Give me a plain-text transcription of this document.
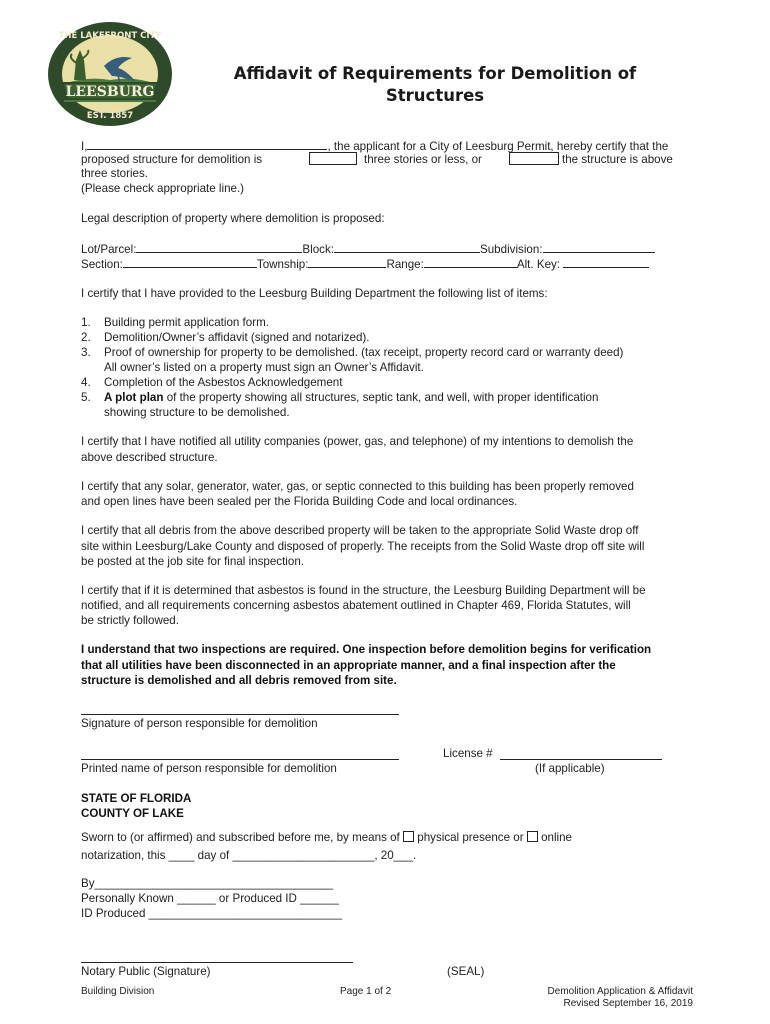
THE LAKEFRONT CITY
LEESBURG
EST. 1857
Affidavit of Requirements for Demolition of
Structures
I,	, the applicant for a City of Leesburg Permit, hereby certify that the
proposed structure for demolition is	three stories or less, or	the structure is above
three stories.
(Please check appropriate line.)
Legal description of property where demolition is proposed:
Lot/Parcel:	Block:	Subdivision:
Section:	Township:	Range:	Alt. Key:
I certify that I have provided to the Leesburg Building Department the following list of items:
1. Building permit application form.
2. Demolition/Owner’s affidavit (signed and notarized).
3. Proof of ownership for property to be demolished. (tax receipt, property record card or warranty deed)
All owner’s listed on a property must sign an Owner’s Affidavit.
4. Completion of the Asbestos Acknowledgement
5. A plot plan of the property showing all structures, septic tank, and well, with proper identification
showing structure to be demolished.
I certify that I have notified all utility companies (power, gas, and telephone) of my intentions to demolish the
above described structure.
I certify that any solar, generator, water, gas, or septic connected to this building has been properly removed
and open lines have been sealed per the Florida Building Code and local ordinances.
I certify that all debris from the above described property will be taken to the appropriate Solid Waste drop off
site within Leesburg/Lake County and disposed of properly. The receipts from the Solid Waste drop off site will
be posted at the job site for final inspection.
I certify that if it is determined that asbestos is found in the structure, the Leesburg Building Department will be
notified, and all requirements concerning asbestos abatement outlined in Chapter 469, Florida Statutes, will
be strictly followed.
I understand that two inspections are required. One inspection before demolition begins for verification
that all utilities have been disconnected in an appropriate manner, and a final inspection after the
structure is demolished and all debris removed from site.
Signature of person responsible for demolition
Printed name of person responsible for demolition
License #
(If applicable)
STATE OF FLORIDA
COUNTY OF LAKE
Sworn to (or affirmed) and subscribed before me, by means of physical presence or online
notarization, this ____ day of ______________________, 20___.
By_____________________________________
Personally Known ______ or Produced ID ______
ID Produced ______________________________
Notary Public (Signature)	(SEAL)
Building Division	Page 1 of 2	Demolition Application & Affidavit
Revised September 16, 2019
